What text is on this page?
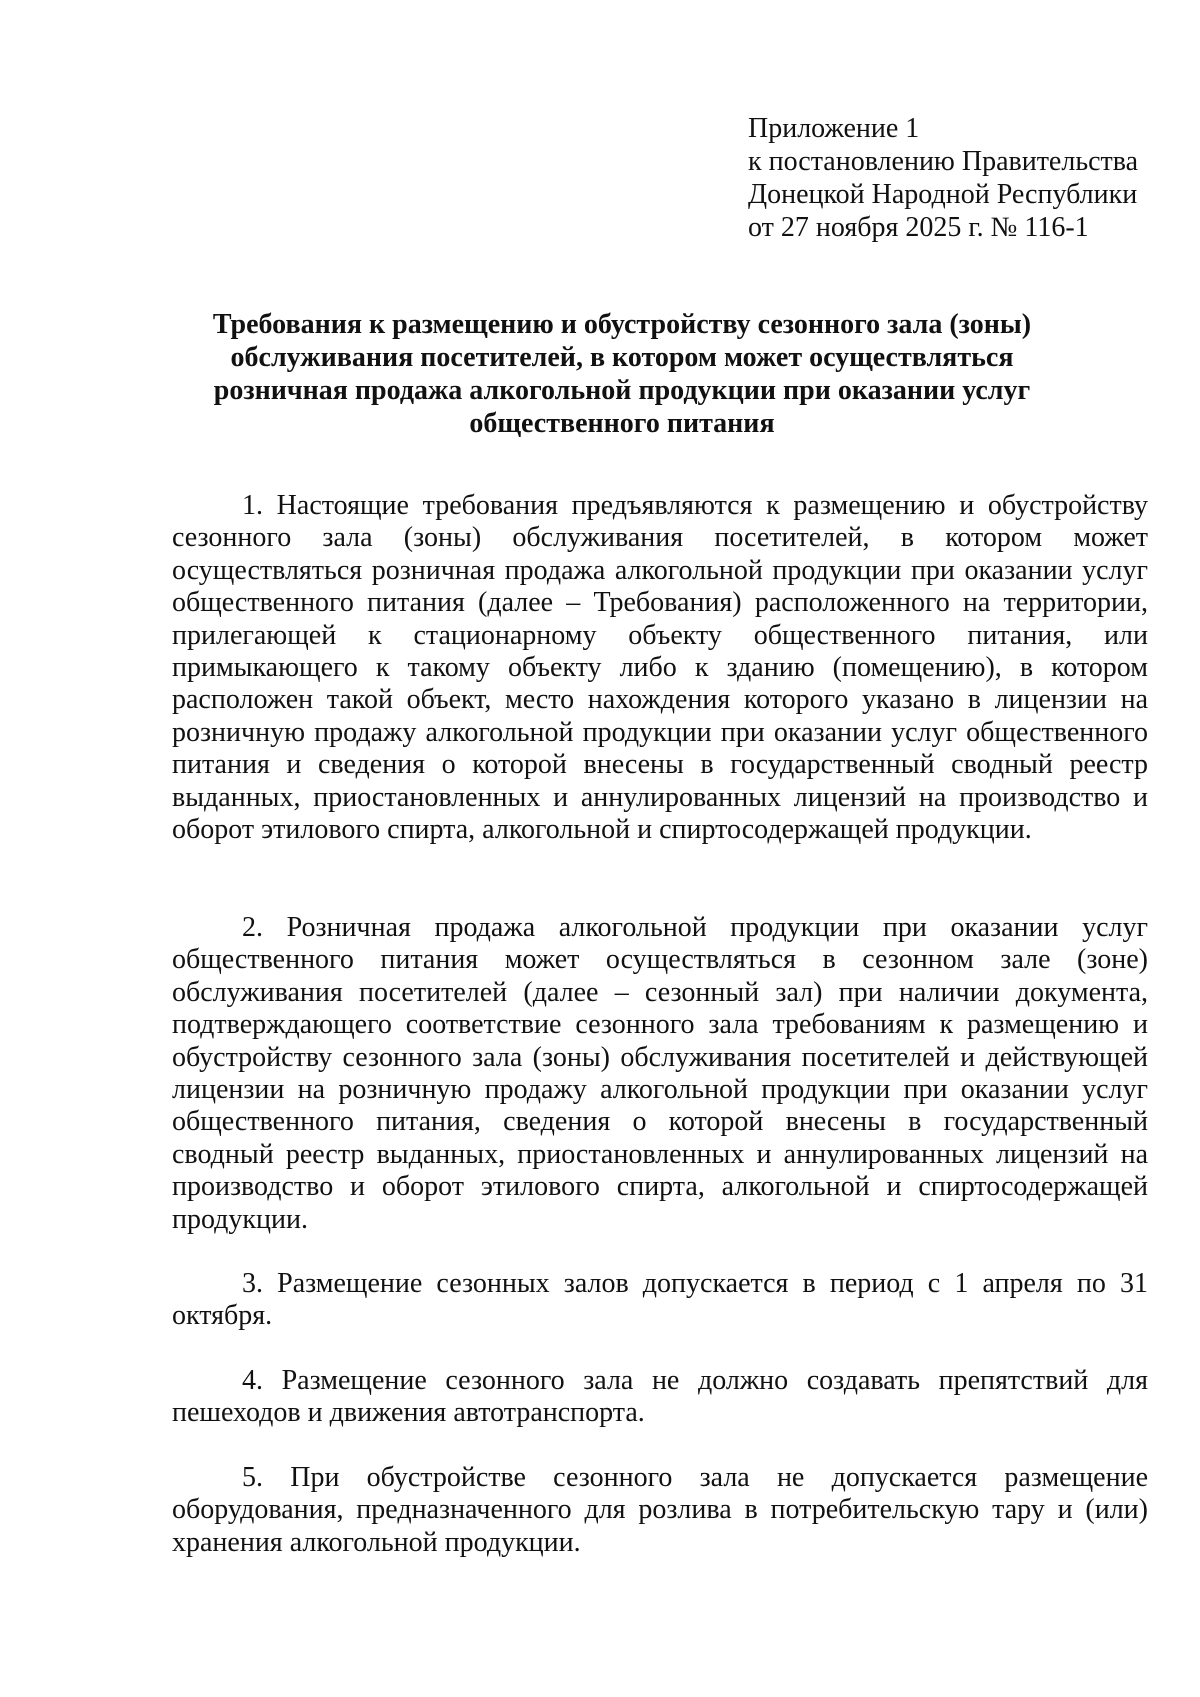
Приложение 1
к постановлению Правительства
Донецкой Народной Республики
от 27 ноября 2025 г. № 116-1
Требования к размещению и обустройству сезонного зала (зоны)
обслуживания посетителей, в котором может осуществляться
розничная продажа алкогольной продукции при оказании услуг
общественного питания

1. Настоящие требования предъявляются к размещению и обустройству сезонного зала (зоны) обслуживания посетителей, в котором может осуществляться розничная продажа алкогольной продукции при оказании услуг общественного питания (далее – Требования) расположенного на территории, прилегающей к стационарному объекту общественного питания, или примыкающего к такому объекту либо к зданию (помещению), в котором расположен такой объект, место нахождения которого указано в лицензии на розничную продажу алкогольной продукции при оказании услуг общественного питания и сведения о которой внесены в государственный сводный реестр выданных, приостановленных и аннулированных лицензий на производство и оборот этилового спирта, алкогольной и спиртосодержащей продукции.

2. Розничная продажа алкогольной продукции при оказании услуг общественного питания может осуществляться в сезонном зале (зоне) обслуживания посетителей (далее – сезонный зал) при наличии документа, подтверждающего соответствие сезонного зала требованиям к размещению и обустройству сезонного зала (зоны) обслуживания посетителей и действующей лицензии на розничную продажу алкогольной продукции при оказании услуг общественного питания, сведения о которой внесены в государственный сводный реестр выданных, приостановленных и аннулированных лицензий на производство и оборот этилового спирта, алкогольной и спиртосодержащей продукции.

3. Размещение сезонных залов допускается в период с 1 апреля по 31 октября.

4. Размещение сезонного зала не должно создавать препятствий для пешеходов и движения автотранспорта.

5. При обустройстве сезонного зала не допускается размещение оборудования, предназначенного для розлива в потребительскую тару и (или) хранения алкогольной продукции.
